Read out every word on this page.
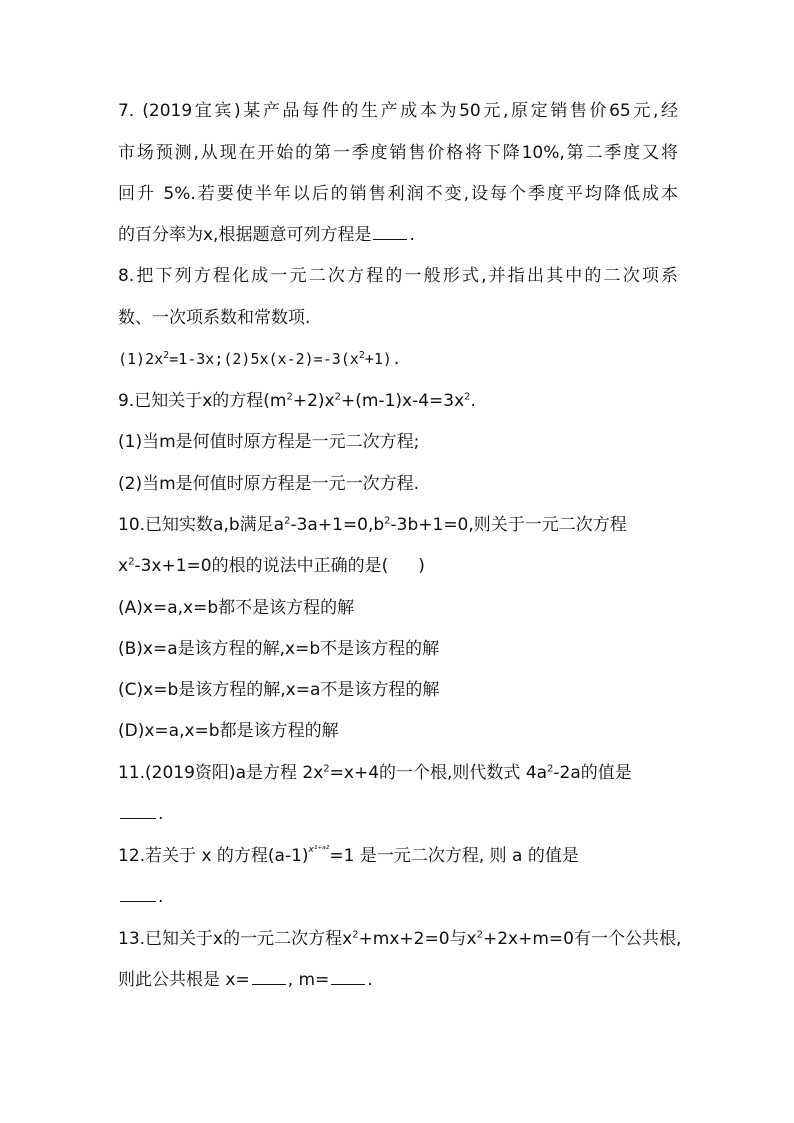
7. (2019宜宾)某产品每件的生产成本为50元,原定销售价65元,经
市场预测,从现在开始的第一季度销售价格将下降10%,第二季度又将
回升 5%.若要使半年以后的销售利润不变,设每个季度平均降低成本
的百分率为x,根据题意可列方程是 .
8.把下列方程化成一元二次方程的一般形式,并指出其中的二次项系
数、一次项系数和常数项.
$(1)2x^2=1-3x;(2)5x(x-2)=-3(x^2+1)$.
9.已知关于x的方程$(m^2+2)x^2+(m-1)x-4=3x^2$.
(1)当m是何值时原方程是一元二次方程;
(2)当m是何值时原方程是一元一次方程.
10.已知实数a,b满足$a^2-3a+1=0,b^2-3b+1=0$,则关于一元二次方程
$x^2-3x+1=0$的根的说法中正确的是( )
(A)x=a,x=b都不是该方程的解
(B)x=a是该方程的解,x=b不是该方程的解
(C)x=b是该方程的解,x=a不是该方程的解
(D)x=a,x=b都是该方程的解
11.(2019资阳)a是方程 $2x^2=x+4$的一个根,则代数式 $4a^2-2a$的值是
.
12.若关于 x 的方程$(a-1)^{x^{1+}ᵃ^2}=1$ 是一元二次方程, 则 a 的值是
.
13.已知关于x的一元二次方程$x^2+mx+2=0$与$x^2+2x+m=0$有一个公共根,
则此公共根是 x= , m= .
